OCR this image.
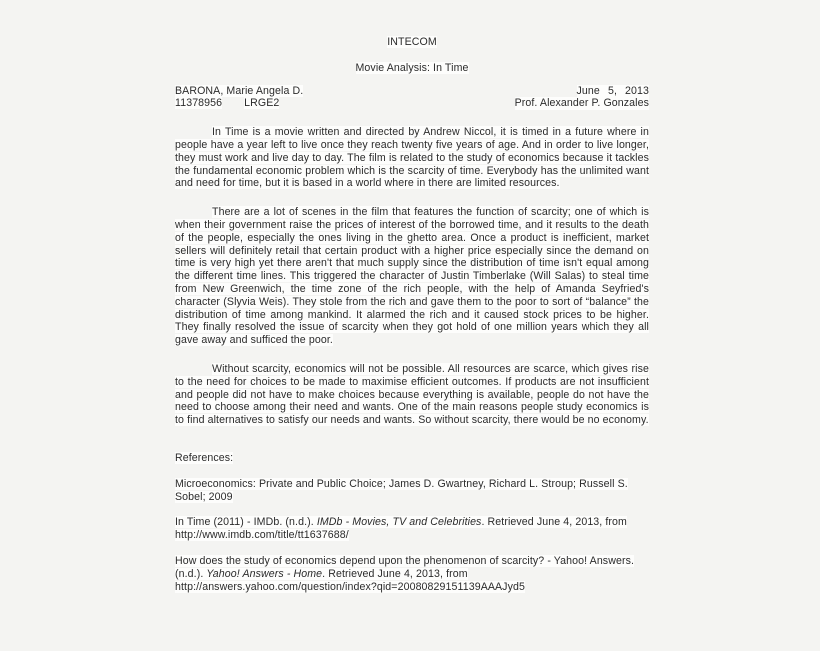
INTECOM
Movie Analysis: In Time
BARONA, Marie Angela D.	June 5, 2013
11378956 LRGE2	Prof. Alexander P. Gonzales

In Time is a movie written and directed by Andrew Niccol, it is timed in a future where in people have a year left to live once they reach twenty five years of age. And in order to live longer, they must work and live day to day. The film is related to the study of economics because it tackles the fundamental economic problem which is the scarcity of time. Everybody has the unlimited want and need for time, but it is based in a world where in there are limited resources.

There are a lot of scenes in the film that features the function of scarcity; one of which is when their government raise the prices of interest of the borrowed time, and it results to the death of the people, especially the ones living in the ghetto area. Once a product is inefficient, market sellers will definitely retail that certain product with a higher price especially since the demand on time is very high yet there aren't that much supply since the distribution of time isn't equal among the different time lines. This triggered the character of Justin Timberlake (Will Salas) to steal time from New Greenwich, the time zone of the rich people, with the help of Amanda Seyfried's character (Slyvia Weis). They stole from the rich and gave them to the poor to sort of “balance” the distribution of time among mankind. It alarmed the rich and it caused stock prices to be higher. They finally resolved the issue of scarcity when they got hold of one million years which they all gave away and sufficed the poor.

Without scarcity, economics will not be possible. All resources are scarce, which gives rise to the need for choices to be made to maximise efficient outcomes. If products are not insufficient and people did not have to make choices because everything is available, people do not have the need to choose among their need and wants. One of the main reasons people study economics is to find alternatives to satisfy our needs and wants. So without scarcity, there would be no economy.

References:
Microeconomics: Private and Public Choice; James D. Gwartney, Richard L. Stroup; Russell S. Sobel; 2009
In Time (2011) - IMDb. (n.d.). IMDb - Movies, TV and Celebrities. Retrieved June 4, 2013, from http://www.imdb.com/title/tt1637688/
How does the study of economics depend upon the phenomenon of scarcity? - Yahoo! Answers. (n.d.). Yahoo! Answers - Home. Retrieved June 4, 2013, from http://answers.yahoo.com/question/index?qid=20080829151139AAAJyd5
